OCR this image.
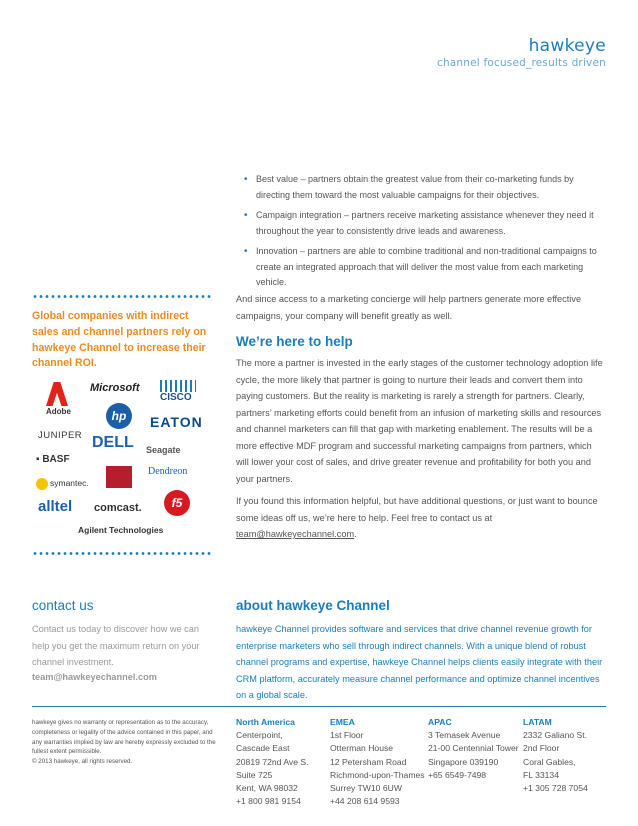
hawkeye
channel focused_results driven
• Best value – partners obtain the greatest value from their co-marketing funds by directing them toward the most valuable campaigns for their objectives.
• Campaign integration – partners receive marketing assistance whenever they need it throughout the year to consistently drive leads and awareness.
• Innovation – partners are able to combine traditional and non-traditional campaigns to create an integrated approach that will deliver the most value from each marketing vehicle.
Global companies with indirect sales and channel partners rely on hawkeye Channel to increase their channel ROI.
Adobe
Microsoft
CISCO
hp
JUNIPER
EATON
DELL
▪ BASF
Seagate
Dendreon
symantec.
alltel comcast.	f5
Agilent Technologies

And since access to a marketing concierge will help partners generate more effective campaigns, your company will benefit greatly as well.

We’re here to help

The more a partner is invested in the early stages of the customer technology adoption life cycle, the more likely that partner is going to nurture their leads and convert them into paying customers. But the reality is marketing is rarely a strength for partners. Clearly, partners’ marketing efforts could benefit from an infusion of marketing skills and resources and channel marketers can fill that gap with marketing enablement. The results will be a more effective MDF program and successful marketing campaigns from partners, which will lower your cost of sales, and drive greater revenue and profitability for both you and your partners.

If you found this information helpful, but have additional questions, or just want to bounce some ideas off us, we’re here to help. Feel free to contact us at team@hawkeyechannel.com.

contact us
Contact us today to discover how we can help you get the maximum return on your channel investment.
team@hawkeyechannel.com
about hawkeye Channel
hawkeye Channel provides software and services that drive channel revenue growth for enterprise marketers who sell through indirect channels. With a unique blend of robust channel programs and expertise, hawkeye Channel helps clients easily integrate with their CRM platform, accurately measure channel performance and optimize channel incentives on a global scale.

hawkeye gives no warranty or representation as to the accuracy, completeness or legality of the advice contained in this paper, and any warranties implied by law are hereby expressly excluded to the fullest extent permissible.

© 2013 hawkeye, all rights reserved.

North America
Centerpoint,
Cascade East
20819 72nd Ave S.
Suite 725
Kent, WA 98032
+1 800 981 9154
EMEA
1st Floor
Otterman House
12 Petersham Road
Richmond-upon-Thames
Surrey TW10 6UW
+44 208 614 9593
APAC
3 Temasek Avenue
21-00 Centennial Tower
Singapore 039190
+65 6549-7498
LATAM
2332 Galiano St.
2nd Floor
Coral Gables,
FL 33134
+1 305 728 7054
